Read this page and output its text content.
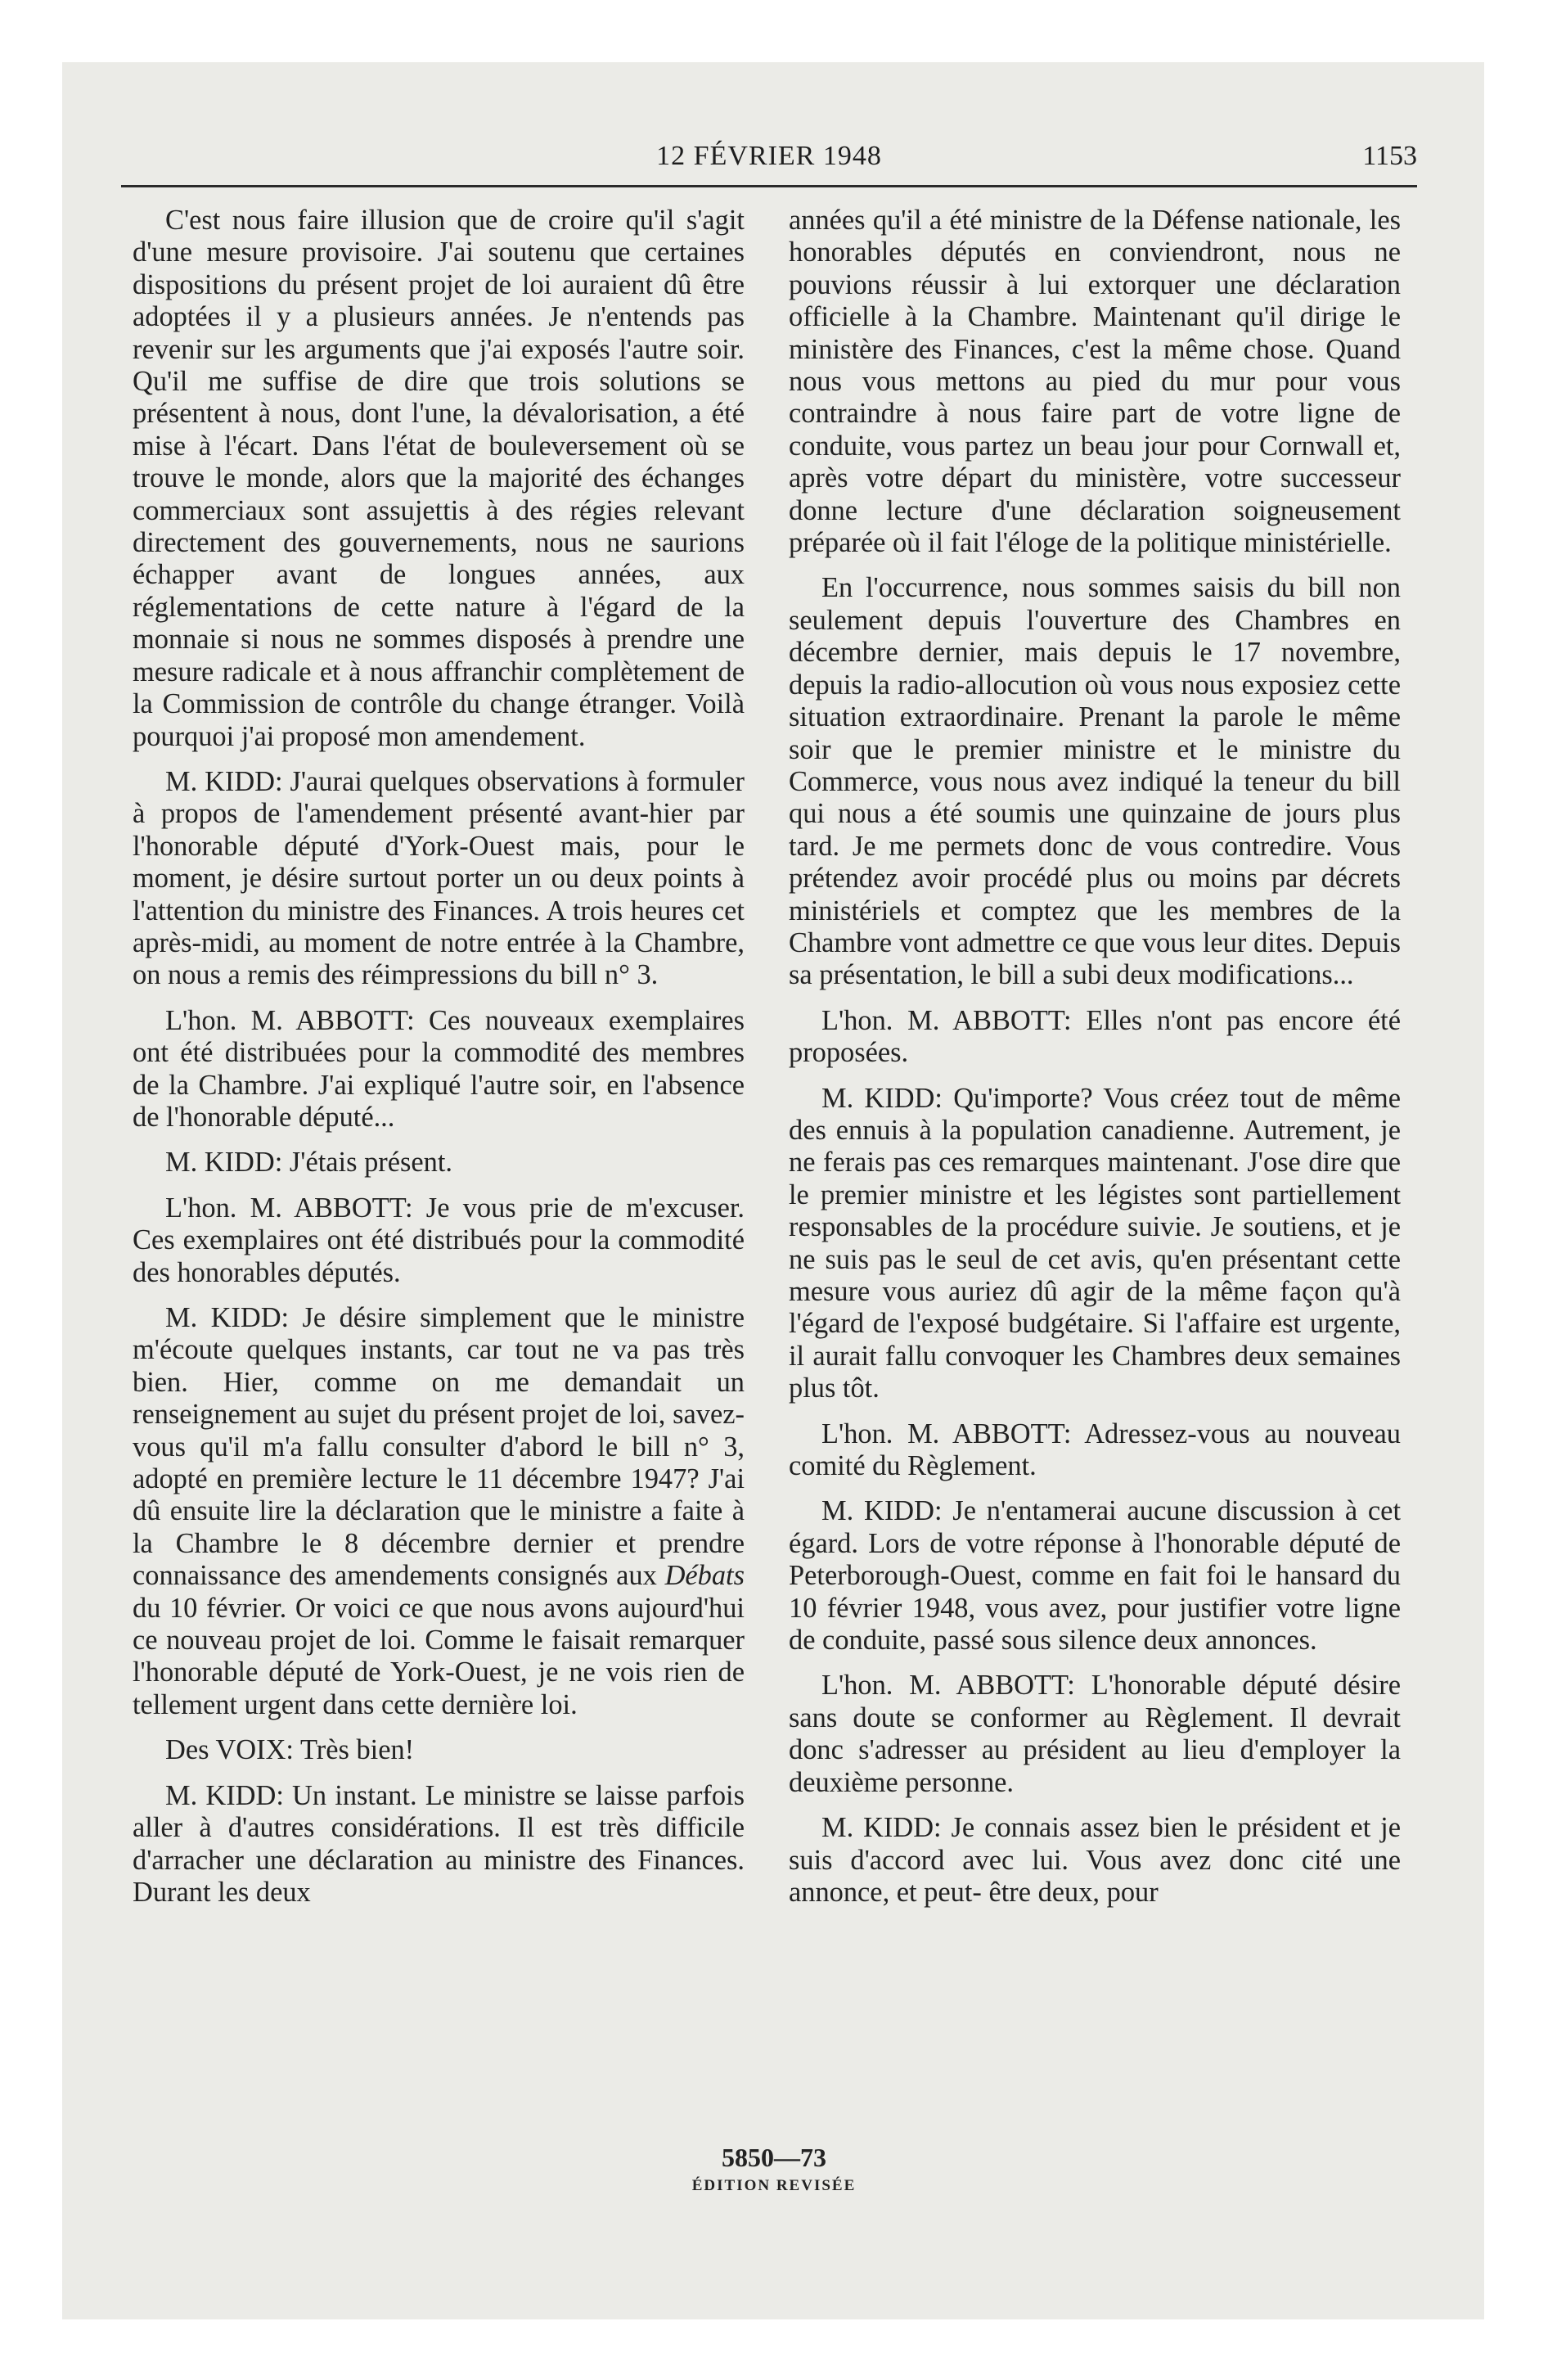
12 FÉVRIER 1948	1153

C'est nous faire illusion que de croire qu'il s'agit d'une mesure provisoire. J'ai soutenu que certaines dispositions du présent projet de loi auraient dû être adoptées il y a plusieurs années. Je n'entends pas revenir sur les arguments que j'ai exposés l'autre soir. Qu'il me suffise de dire que trois solutions se présentent à nous, dont l'une, la dévalorisation, a été mise à l'écart. Dans l'état de bouleversement où se trouve le monde, alors que la majorité des échanges commerciaux sont assujettis à des régies relevant directement des gouvernements, nous ne saurions échapper avant de longues années, aux réglementations de cette nature à l'égard de la monnaie si nous ne sommes disposés à prendre une mesure radicale et à nous affranchir complètement de la Commission de contrôle du change étranger. Voilà pourquoi j'ai proposé mon amendement.

M. KIDD: J'aurai quelques observations à formuler à propos de l'amendement présenté avant-hier par l'honorable député d'York-Ouest mais, pour le moment, je désire surtout porter un ou deux points à l'attention du ministre des Finances. A trois heures cet après-midi, au moment de notre entrée à la Chambre, on nous a remis des réimpressions du bill n° 3.

L'hon. M. ABBOTT: Ces nouveaux exemplaires ont été distribuées pour la commodité des membres de la Chambre. J'ai expliqué l'autre soir, en l'absence de l'honorable député...

M. KIDD: J'étais présent.

L'hon. M. ABBOTT: Je vous prie de m'excuser. Ces exemplaires ont été distribués pour la commodité des honorables députés.

M. KIDD: Je désire simplement que le ministre m'écoute quelques instants, car tout ne va pas très bien. Hier, comme on me demandait un renseignement au sujet du présent projet de loi, savez-vous qu'il m'a fallu consulter d'abord le bill n° 3, adopté en première lecture le 11 décembre 1947? J'ai dû ensuite lire la déclaration que le ministre a faite à la Chambre le 8 décembre dernier et prendre connaissance des amendements consignés aux Débats du 10 février. Or voici ce que nous avons aujourd'hui ce nouveau projet de loi. Comme le faisait remarquer l'honorable député de York-Ouest, je ne vois rien de tellement urgent dans cette dernière loi.

Des VOIX: Très bien!

M. KIDD: Un instant. Le ministre se laisse parfois aller à d'autres considérations. Il est très difficile d'arracher une déclaration au ministre des Finances. Durant les deux

années qu'il a été ministre de la Défense nationale, les honorables députés en conviendront, nous ne pouvions réussir à lui extorquer une déclaration officielle à la Chambre. Maintenant qu'il dirige le ministère des Finances, c'est la même chose. Quand nous vous mettons au pied du mur pour vous contraindre à nous faire part de votre ligne de conduite, vous partez un beau jour pour Cornwall et, après votre départ du ministère, votre successeur donne lecture d'une déclaration soigneusement préparée où il fait l'éloge de la politique ministérielle.

En l'occurrence, nous sommes saisis du bill non seulement depuis l'ouverture des Chambres en décembre dernier, mais depuis le 17 novembre, depuis la radio-allocution où vous nous exposiez cette situation extraordinaire. Prenant la parole le même soir que le premier ministre et le ministre du Commerce, vous nous avez indiqué la teneur du bill qui nous a été soumis une quinzaine de jours plus tard. Je me permets donc de vous contredire. Vous prétendez avoir procédé plus ou moins par décrets ministériels et comptez que les membres de la Chambre vont admettre ce que vous leur dites. Depuis sa présentation, le bill a subi deux modifications...

L'hon. M. ABBOTT: Elles n'ont pas encore été proposées.

M. KIDD: Qu'importe? Vous créez tout de même des ennuis à la population canadienne. Autrement, je ne ferais pas ces remarques maintenant. J'ose dire que le premier ministre et les légistes sont partiellement responsables de la procédure suivie. Je soutiens, et je ne suis pas le seul de cet avis, qu'en présentant cette mesure vous auriez dû agir de la même façon qu'à l'égard de l'exposé budgétaire. Si l'affaire est urgente, il aurait fallu convoquer les Chambres deux semaines plus tôt.

L'hon. M. ABBOTT: Adressez-vous au nouveau comité du Règlement.

M. KIDD: Je n'entamerai aucune discussion à cet égard. Lors de votre réponse à l'honorable député de Peterborough-Ouest, comme en fait foi le hansard du 10 février 1948, vous avez, pour justifier votre ligne de conduite, passé sous silence deux annonces.

L'hon. M. ABBOTT: L'honorable député désire sans doute se conformer au Règlement. Il devrait donc s'adresser au président au lieu d'employer la deuxième personne.

M. KIDD: Je connais assez bien le président et je suis d'accord avec lui. Vous avez donc cité une annonce, et peut- être deux, pour

5850—73
ÉDITION REVISÉE
